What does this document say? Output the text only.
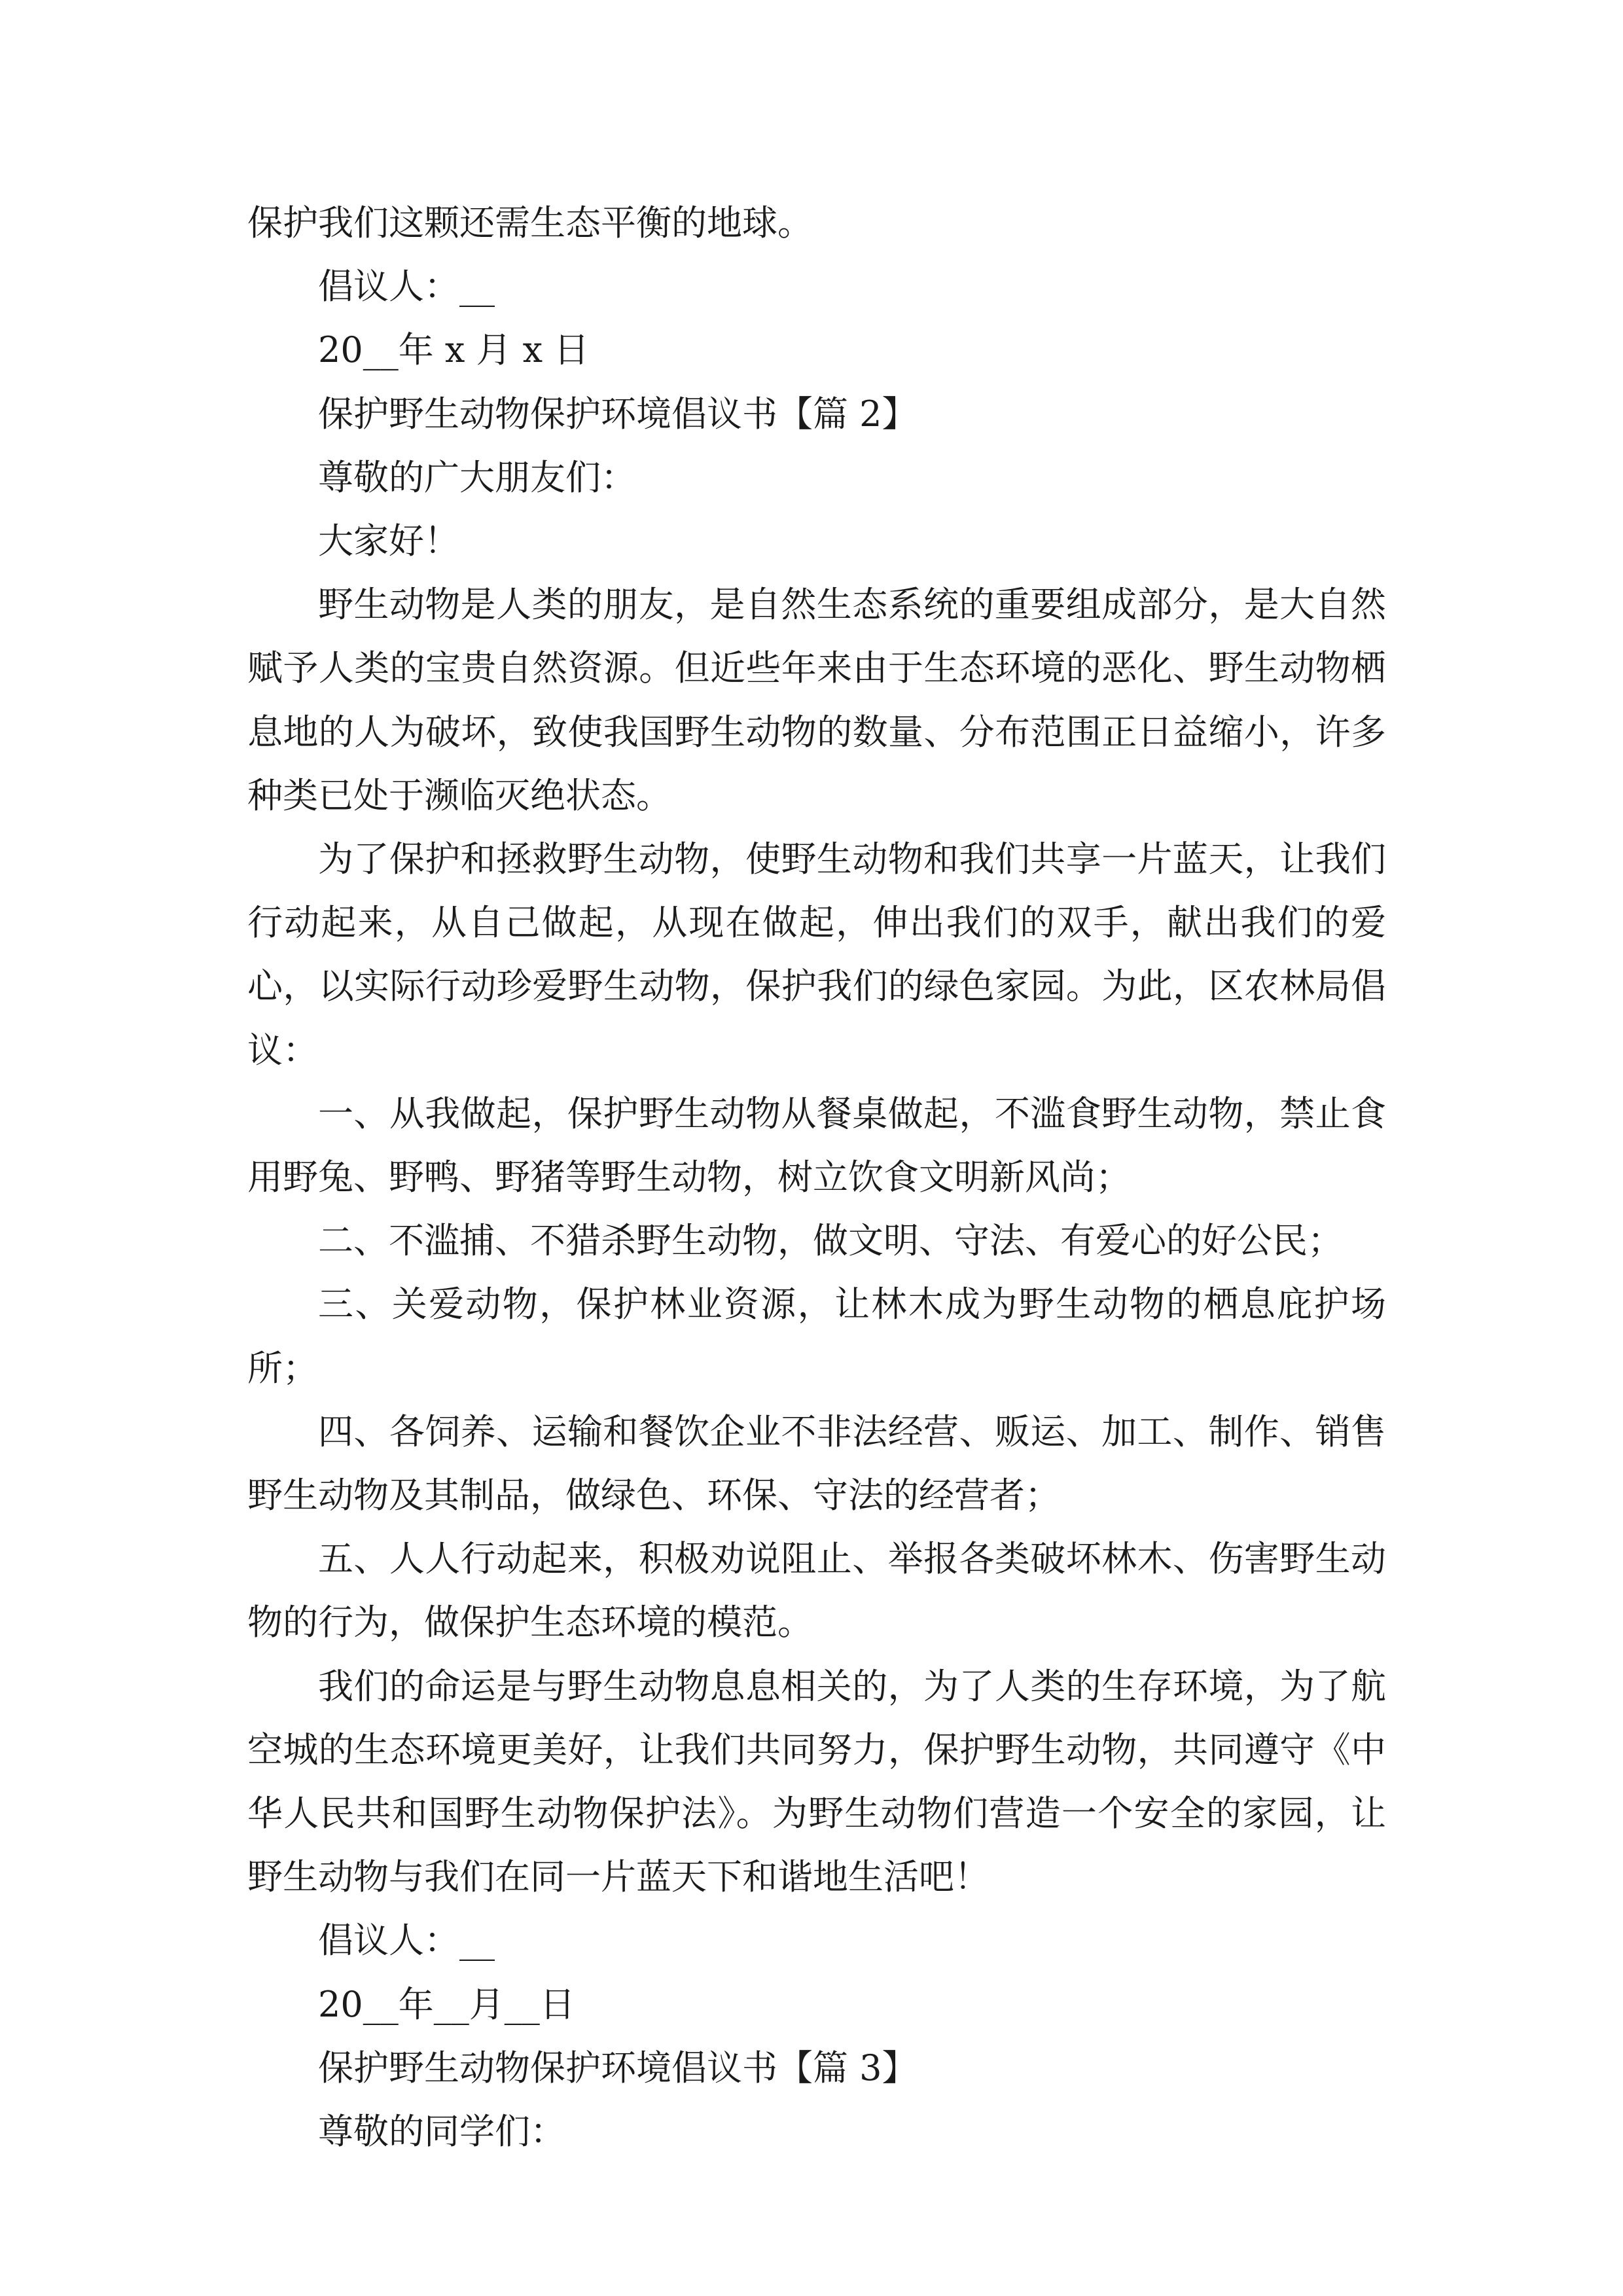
保护我们这颗还需生态平衡的地球。

倡议人：__

20__年 x 月 x 日

保护野生动物保护环境倡议书【篇 2】

尊敬的广大朋友们：

大家好！

野生动物是人类的朋友，是自然生态系统的重要组成部分，是大自然赋予人类的宝贵自然资源。但近些年来由于生态环境的恶化、野生动物栖息地的人为破坏，致使我国野生动物的数量、分布范围正日益缩小，许多种类已处于濒临灭绝状态。

为了保护和拯救野生动物，使野生动物和我们共享一片蓝天，让我们行动起来，从自己做起，从现在做起，伸出我们的双手，献出我们的爱心，以实际行动珍爱野生动物，保护我们的绿色家园。为此，区农林局倡议：

一、从我做起，保护野生动物从餐桌做起，不滥食野生动物，禁止食用野兔、野鸭、野猪等野生动物，树立饮食文明新风尚；

二、不滥捕、不猎杀野生动物，做文明、守法、有爱心的好公民；

三、关爱动物，保护林业资源，让林木成为野生动物的栖息庇护场所；

四、各饲养、运输和餐饮企业不非法经营、贩运、加工、制作、销售野生动物及其制品，做绿色、环保、守法的经营者；

五、人人行动起来，积极劝说阻止、举报各类破坏林木、伤害野生动物的行为，做保护生态环境的模范。

我们的命运是与野生动物息息相关的，为了人类的生存环境，为了航空城的生态环境更美好，让我们共同努力，保护野生动物，共同遵守《中华人民共和国野生动物保护法》。为野生动物们营造一个安全的家园，让野生动物与我们在同一片蓝天下和谐地生活吧！

倡议人：__

20__年__月__日

保护野生动物保护环境倡议书【篇 3】

尊敬的同学们：
